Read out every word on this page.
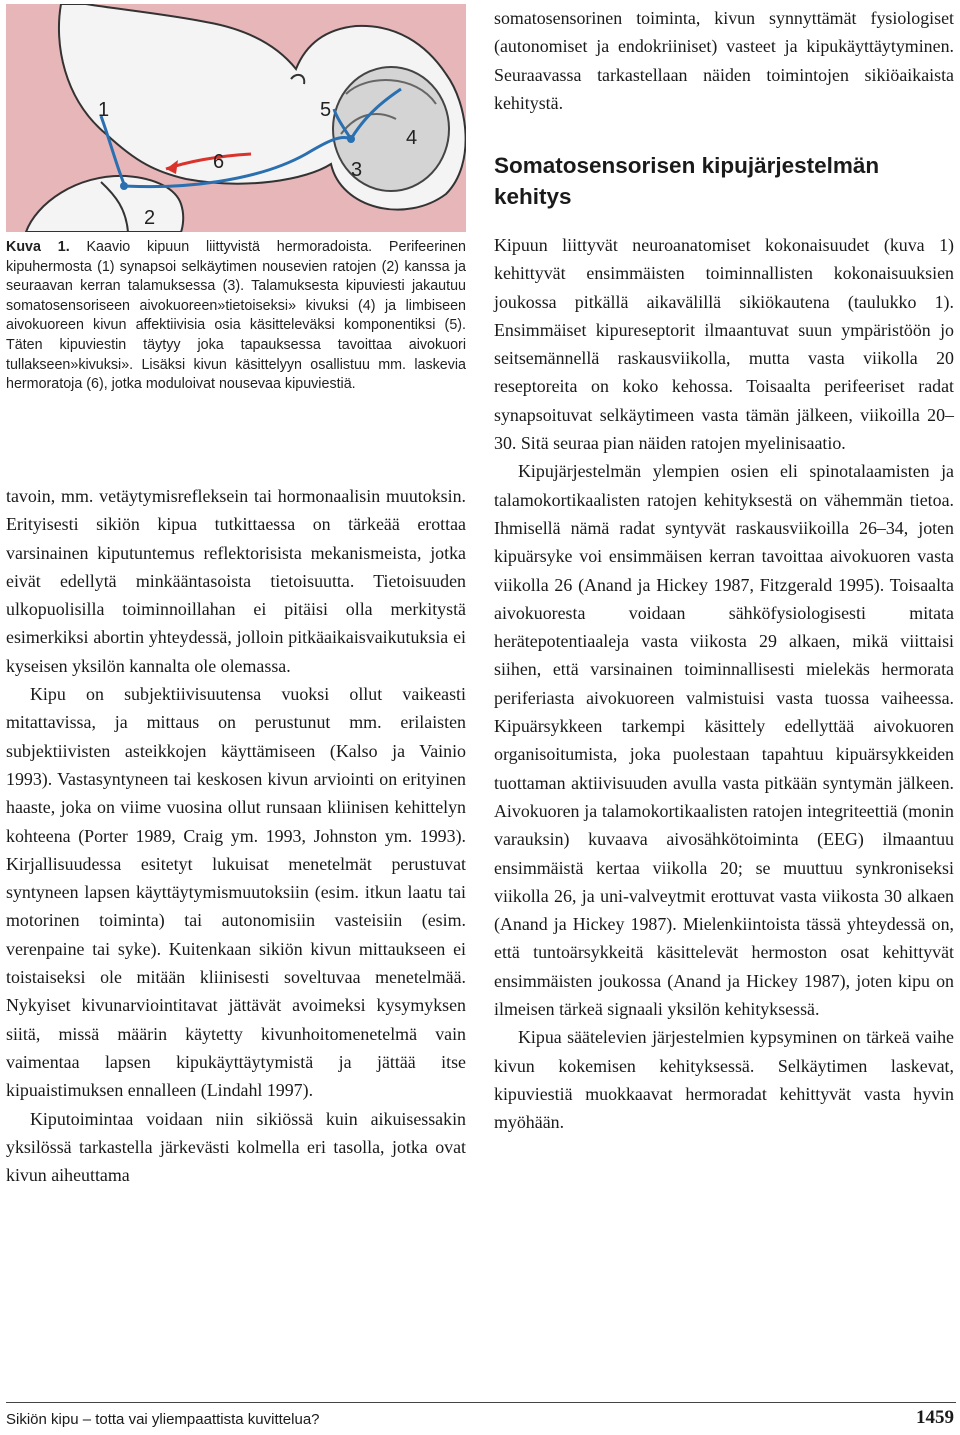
1
2
3
4
5
6

Kuva 1. Kaavio kipuun liittyvistä hermoradoista. Perifeerinen kipuhermosta (1) synapsoi selkäytimen nousevien ratojen (2) kanssa ja seuraavan kerran talamuksessa (3). Talamuksesta kipuviesti jakautuu somatosensoriseen aivokuoreen»tietoiseksi» kivuksi (4) ja limbiseen aivokuoreen kivun affektiivisia osia käsitteleväksi komponentiksi (5). Täten kipuviestin täytyy joka tapauksessa tavoittaa aivokuori tullakseen»kivuksi». Lisäksi kivun käsittelyyn osallistuu mm. laskevia hermoratoja (6), jotka moduloivat nousevaa kipuviestiä.

tavoin, mm. vetäytymisrefleksein tai hormonaalisin muutoksin. Erityisesti sikiön kipua tutkittaessa on tärkeää erottaa varsinainen kiputuntemus reflektorisista mekanismeista, jotka eivät edellytä minkääntasoista tietoisuutta. Tietoisuuden ulkopuolisilla toiminnoillahan ei pitäisi olla merkitystä esimerkiksi abortin yhteydessä, jolloin pitkäaikaisvaikutuksia ei kyseisen yksilön kannalta ole olemassa.

Kipu on subjektiivisuutensa vuoksi ollut vaikeasti mitattavissa, ja mittaus on perustunut mm. erilaisten subjektiivisten asteikkojen käyttämiseen (Kalso ja Vainio 1993). Vastasyntyneen tai keskosen kivun arviointi on erityinen haaste, joka on viime vuosina ollut runsaan kliinisen kehittelyn kohteena (Porter 1989, Craig ym. 1993, Johnston ym. 1993). Kirjallisuudessa esitetyt lukuisat menetelmät perustuvat syntyneen lapsen käyttäytymismuutoksiin (esim. itkun laatu tai motorinen toiminta) tai autonomisiin vasteisiin (esim. verenpaine tai syke). Kuitenkaan sikiön kivun mittaukseen ei toistaiseksi ole mitään kliinisesti soveltuvaa menetelmää. Nykyiset kivunarviointitavat jättävät avoimeksi kysymyksen siitä, missä määrin käytetty kivunhoitomenetelmä vain vaimentaa lapsen kipukäyttäytymistä ja jättää itse kipuaistimuksen ennalleen (Lindahl 1997).

Kiputoimintaa voidaan niin sikiössä kuin aikuisessakin yksilössä tarkastella järkevästi kolmella eri tasolla, jotka ovat kivun aiheuttama

somatosensorinen toiminta, kivun synnyttämät fysiologiset (autonomiset ja endokriiniset) vasteet ja kipukäyttäytyminen. Seuraavassa tarkastellaan näiden toimintojen sikiöaikaista kehitystä.

Somatosensorisen kipujärjestelmän kehitys

Kipuun liittyvät neuroanatomiset kokonaisuudet (kuva 1) kehittyvät ensimmäisten toiminnallisten kokonaisuuksien joukossa pitkällä aikavälillä sikiökautena (taulukko 1). Ensimmäiset kipureseptorit ilmaantuvat suun ympäristöön jo seitsemännellä raskausviikolla, mutta vasta viikolla 20 reseptoreita on koko kehossa. Toisaalta perifeeriset radat synapsoituvat selkäytimeen vasta tämän jälkeen, viikoilla 20–30. Sitä seuraa pian näiden ratojen myelinisaatio.

Kipujärjestelmän ylempien osien eli spinotalaamisten ja talamokortikaalisten ratojen kehityksestä on vähemmän tietoa. Ihmisellä nämä radat syntyvät raskausviikoilla 26–34, joten kipuärsyke voi ensimmäisen kerran tavoittaa aivokuoren vasta viikolla 26 (Anand ja Hickey 1987, Fitzgerald 1995). Toisaalta aivokuoresta voidaan sähköfysiologisesti mitata herätepotentiaaleja vasta viikosta 29 alkaen, mikä viittaisi siihen, että varsinainen toiminnallisesti mielekäs hermorata periferiasta aivokuoreen valmistuisi vasta tuossa vaiheessa. Kipuärsykkeen tarkempi käsittely edellyttää aivokuoren organisoitumista, joka puolestaan tapahtuu kipuärsykkeiden tuottaman aktiivisuuden avulla vasta pitkään syntymän jälkeen. Aivokuoren ja talamokortikaalisten ratojen integriteettiä (monin varauksin) kuvaava aivosähkötoiminta (EEG) ilmaantuu ensimmäistä kertaa viikolla 20; se muuttuu synkroniseksi viikolla 26, ja uni-valveytmit erottuvat vasta viikosta 30 alkaen (Anand ja Hickey 1987). Mielenkiintoista tässä yhteydessä on, että tuntoärsykkeitä käsittelevät hermoston osat kehittyvät ensimmäisten joukossa (Anand ja Hickey 1987), joten kipu on ilmeisen tärkeä signaali yksilön kehityksessä.

Kipua säätelevien järjestelmien kypsyminen on tärkeä vaihe kivun kokemisen kehityksessä. Selkäytimen laskevat, kipuviestiä muokkaavat hermoradat kehittyvät vasta hyvin myöhään.

Sikiön kipu – totta vai yliempaattista kuvittelua?	1459
